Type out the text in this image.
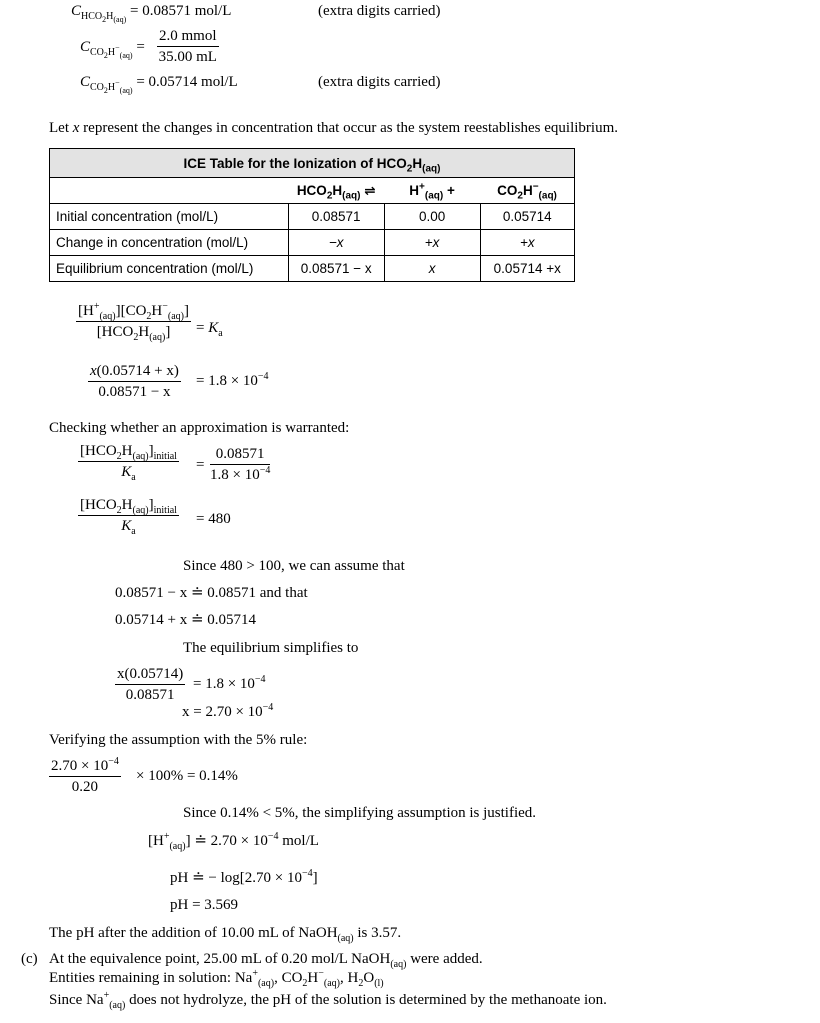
$C_{HCO_2H_{(aq)}} = 0.08571$ mol/L	(extra digits carried)
$C_{CO_2H^-_{(aq)}}$ =
2.0 mmol
35.00 mL
$C_{CO_2H^-_{(aq)}} = 0.05714$ mol/L	(extra digits carried)
Let x represent the changes in concentration that occur as the system reestablishes equilibrium.
ICE Table for the Ionization of $HCO_2H_{(aq)}$
	$HCO_2H_{(aq)}$ ⇌	$H^+_{(aq)}$ +	$CO_2H^-_{(aq)}$
Initial concentration (mol/L)	0.08571	0.00	0.05714
Change in concentration (mol/L)	−x	+x	+x
Equilibrium concentration (mol/L)	0.08571 − x	x	0.05714 +x
$[H^+_{(aq)}][CO_2H^-_{(aq)}]$
$[HCO_2H_{(aq)}]$	= $K_a$
$\frac{x(0.05714 + x)}{0.08571 - x} = 1.8 \times 10^{-4}$
Checking whether an approximation is warranted:
$[HCO_2H_{(aq)}]_{initial}$
$K_a$
= $\frac{0.08571}{1.8 \times 10^{-4}}$
$[HCO_2H_{(aq)}]_{initial}$
$K_a$
= 480
Since 480 > 100, we can assume that
0.08571 − x ≐ 0.08571 and that
0.05714 + x ≐ 0.05714
The equilibrium simplifies to
$\frac{x(0.05714)}{0.08571} = 1.8 \times 10^{-4}$
$x = 2.70 \times 10^{-4}$
Verifying the assumption with the 5% rule:
$\frac{2.70 \times 10^{-4}}{0.20} \times 100\% = 0.14\%$
Since 0.14% < 5%, the simplifying assumption is justified.
$[H^+_{(aq)}]$ ≐ $2.70 \times 10^{-4}$ mol/L
pH ≐ − $\log[2.70 \times 10^{-4}]$
pH = 3.569
The pH after the addition of 10.00 mL of NaOH$_{(aq)}$ is 3.57.
(c) At the equivalence point, 25.00 mL of 0.20 mol/L NaOH$_{(aq)}$ were added.
Entities remaining in solution: $Na^+_{(aq)}$, $CO_2H^-_{(aq)}$, $H_2O_{(l)}$
Since $Na^+_{(aq)}$ does not hydrolyze, the pH of the solution is determined by the methanoate ion.
